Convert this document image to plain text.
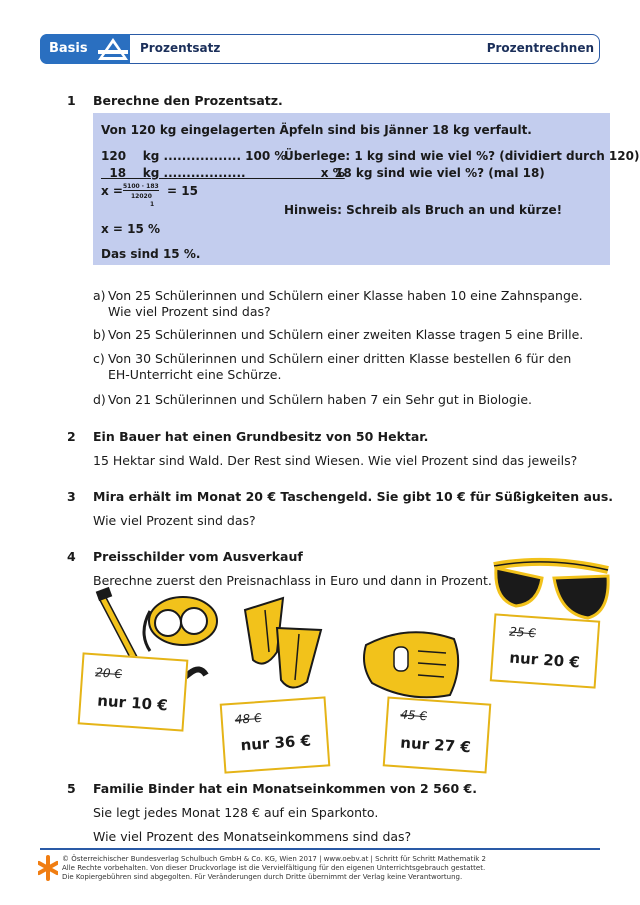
Basis	Prozentsatz	Prozentrechnen
1 Berechne den Prozentsatz.
Von 120 kg eingelagerten Äpfeln sind bis Jänner 18 kg verfault.
120    kg ................. 100 %
18    kg ..................                  x %
x = 5100 · 183
12020
1
= 15
Überlege: 1 kg sind wie viel %? (dividiert durch 120)
18 kg sind wie viel %? (mal 18)
Hinweis: Schreib als Bruch an und kürze!
x = 15 %
Das sind 15 %.
a) Von 25 Schülerinnen und Schülern einer Klasse haben 10 eine Zahnspange.
Wie viel Prozent sind das?
b) Von 25 Schülerinnen und Schülern einer zweiten Klasse tragen 5 eine Brille.
c) Von 30 Schülerinnen und Schülern einer dritten Klasse bestellen 6 für den
EH-Unterricht eine Schürze.
d) Von 21 Schülerinnen und Schülern haben 7 ein Sehr gut in Biologie.
2 Ein Bauer hat einen Grundbesitz von 50 Hektar.
15 Hektar sind Wald. Der Rest sind Wiesen. Wie viel Prozent sind das jeweils?
3 Mira erhält im Monat 20 € Taschengeld. Sie gibt 10 € für Süßigkeiten aus.
Wie viel Prozent sind das?
4 Preisschilder vom Ausverkauf
Berechne zuerst den Preisnachlass in Euro und dann in Prozent.
20 €
nur 10 €
48 €
nur 36 €
45 €
nur 27 €
25 €
nur 20 €
5 Familie Binder hat ein Monatseinkommen von 2 560 €.
Sie legt jedes Monat 128 € auf ein Sparkonto.
Wie viel Prozent des Monatseinkommens sind das?
© Österreichischer Bundesverlag Schulbuch GmbH & Co. KG, Wien 2017 | www.oebv.at | Schritt für Schritt Mathematik 2
Alle Rechte vorbehalten. Von dieser Druckvorlage ist die Vervielfältigung für den eigenen Unterrichtsgebrauch gestattet.
Die Kopiergebühren sind abgegolten. Für Veränderungen durch Dritte übernimmt der Verlag keine Verantwortung.
